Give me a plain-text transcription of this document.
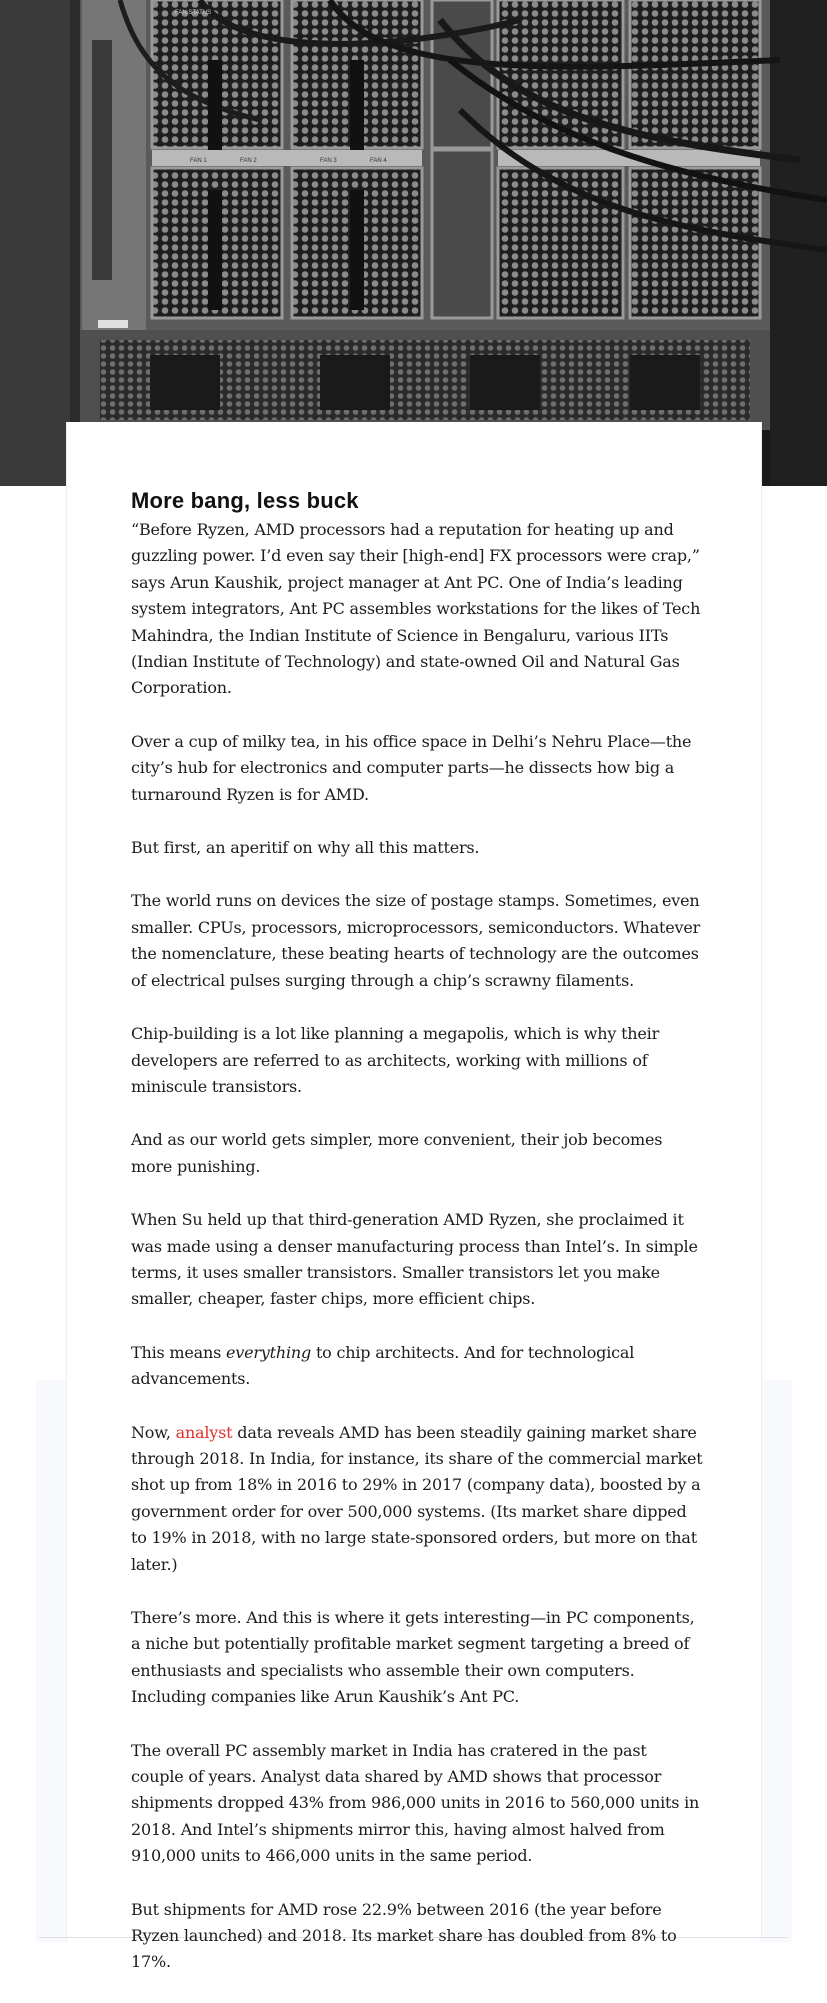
FAN 1	FAN 2	FAN 3	FAN 4
FAN STATUS
More bang, less buck

“Before Ryzen, AMD processors had a reputation for heating up and guzzling power. I’d even say their [high-end] FX processors were crap,” says Arun Kaushik, project manager at Ant PC. One of India’s leading system integrators, Ant PC assembles workstations for the likes of Tech Mahindra, the Indian Institute of Science in Bengaluru, various IITs (Indian Institute of Technology) and state-owned Oil and Natural Gas Corporation.

Over a cup of milky tea, in his office space in Delhi’s Nehru Place—the city’s hub for electronics and computer parts—he dissects how big a turnaround Ryzen is for AMD.

But first, an aperitif on why all this matters.

The world runs on devices the size of postage stamps. Sometimes, even smaller. CPUs, processors, microprocessors, semiconductors. Whatever the nomenclature, these beating hearts of technology are the outcomes of electrical pulses surging through a chip’s scrawny filaments.

Chip-building is a lot like planning a megapolis, which is why their developers are referred to as architects, working with millions of miniscule transistors.

And as our world gets simpler, more convenient, their job becomes more punishing.

When Su held up that third-generation AMD Ryzen, she proclaimed it was made using a denser manufacturing process than Intel’s. In simple terms, it uses smaller transistors. Smaller transistors let you make smaller, cheaper, faster chips, more efficient chips.

This means everything to chip architects. And for technological advancements.

Now, analyst data reveals AMD has been steadily gaining market share through 2018. In India, for instance, its share of the commercial market shot up from 18% in 2016 to 29% in 2017 (company data), boosted by a government order for over 500,000 systems. (Its market share dipped to 19% in 2018, with no large state-sponsored orders, but more on that later.)

There’s more. And this is where it gets interesting—in PC components, a niche but potentially profitable market segment targeting a breed of enthusiasts and specialists who assemble their own computers. Including companies like Arun Kaushik’s Ant PC.

The overall PC assembly market in India has cratered in the past couple of years. Analyst data shared by AMD shows that processor shipments dropped 43% from 986,000 units in 2016 to 560,000 units in 2018. And Intel’s shipments mirror this, having almost halved from 910,000 units to 466,000 units in the same period.

But shipments for AMD rose 22.9% between 2016 (the year before Ryzen launched) and 2018. Its market share has doubled from 8% to 17%.
